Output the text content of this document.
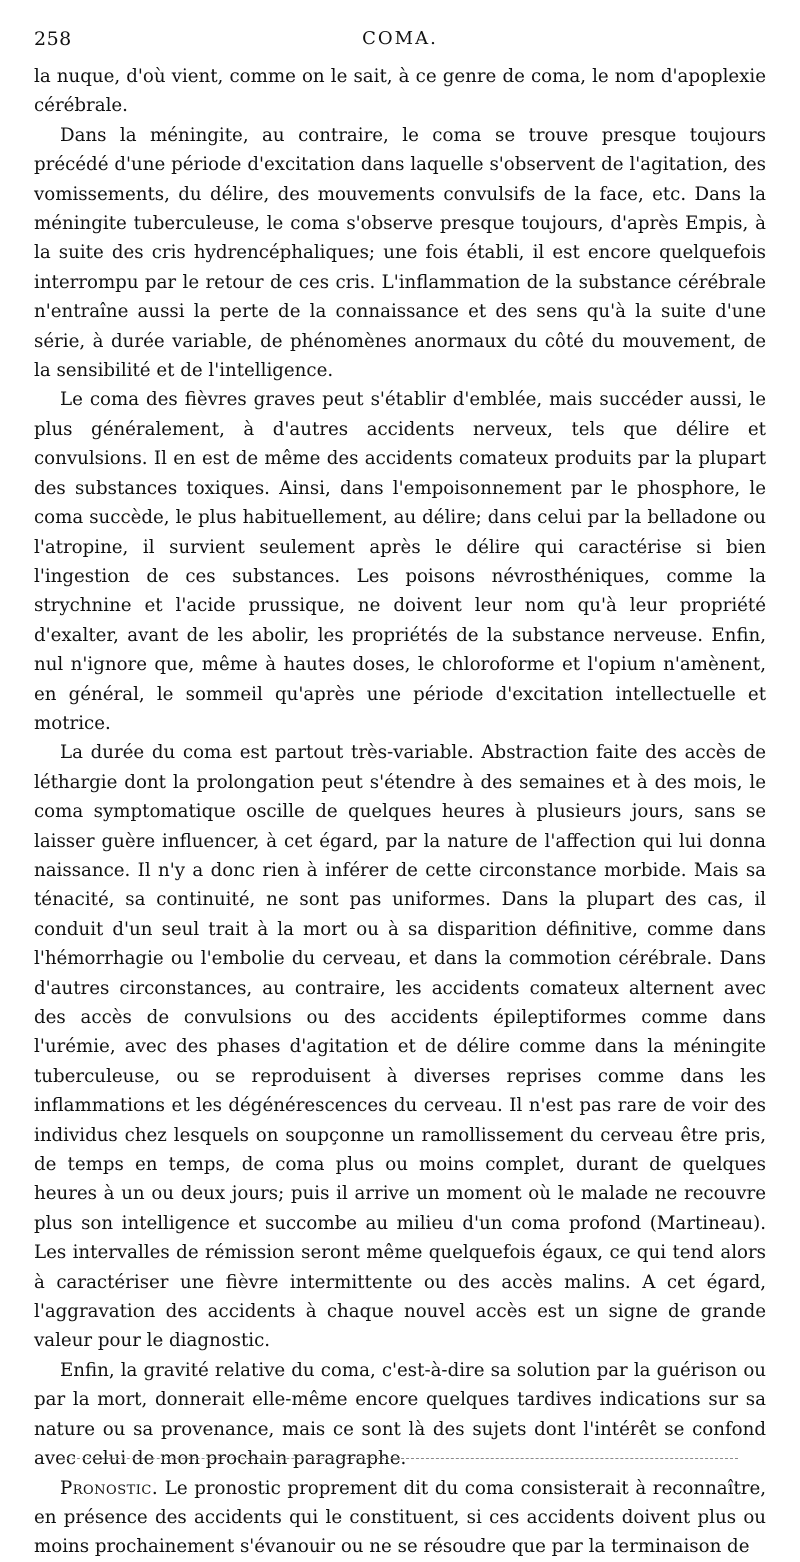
258	COMA.

la nuque, d'où vient, comme on le sait, à ce genre de coma, le nom d'apoplexie cérébrale.

Dans la méningite, au contraire, le coma se trouve presque toujours précédé d'une période d'excitation dans laquelle s'observent de l'agitation, des vomissements, du délire, des mouvements convulsifs de la face, etc. Dans la méningite tuberculeuse, le coma s'observe presque toujours, d'après Empis, à la suite des cris hydrencéphaliques; une fois établi, il est encore quelquefois interrompu par le retour de ces cris. L'inflammation de la substance cérébrale n'entraîne aussi la perte de la connaissance et des sens qu'à la suite d'une série, à durée variable, de phénomènes anormaux du côté du mouvement, de la sensibilité et de l'intelligence.

Le coma des fièvres graves peut s'établir d'emblée, mais succéder aussi, le plus généralement, à d'autres accidents nerveux, tels que délire et convulsions. Il en est de même des accidents comateux produits par la plupart des substances toxiques. Ainsi, dans l'empoisonnement par le phosphore, le coma succède, le plus habituellement, au délire; dans celui par la belladone ou l'atropine, il survient seulement après le délire qui caractérise si bien l'ingestion de ces substances. Les poisons névrosthéniques, comme la strychnine et l'acide prussique, ne doivent leur nom qu'à leur propriété d'exalter, avant de les abolir, les propriétés de la substance nerveuse. Enfin, nul n'ignore que, même à hautes doses, le chloroforme et l'opium n'amènent, en général, le sommeil qu'après une période d'excitation intellectuelle et motrice.

La durée du coma est partout très-variable. Abstraction faite des accès de léthargie dont la prolongation peut s'étendre à des semaines et à des mois, le coma symptomatique oscille de quelques heures à plusieurs jours, sans se laisser guère influencer, à cet égard, par la nature de l'affection qui lui donna naissance. Il n'y a donc rien à inférer de cette circonstance morbide. Mais sa ténacité, sa continuité, ne sont pas uniformes. Dans la plupart des cas, il conduit d'un seul trait à la mort ou à sa disparition définitive, comme dans l'hémorrhagie ou l'embolie du cerveau, et dans la commotion cérébrale. Dans d'autres circonstances, au contraire, les accidents comateux alternent avec des accès de convulsions ou des accidents épileptiformes comme dans l'urémie, avec des phases d'agitation et de délire comme dans la méningite tuberculeuse, ou se reproduisent à diverses reprises comme dans les inflammations et les dégénérescences du cerveau. Il n'est pas rare de voir des individus chez lesquels on soupçonne un ramollissement du cerveau être pris, de temps en temps, de coma plus ou moins complet, durant de quelques heures à un ou deux jours; puis il arrive un moment où le malade ne recouvre plus son intelligence et succombe au milieu d'un coma profond (Martineau). Les intervalles de rémission seront même quelquefois égaux, ce qui tend alors à caractériser une fièvre intermittente ou des accès malins. A cet égard, l'aggravation des accidents à chaque nouvel accès est un signe de grande valeur pour le diagnostic.

Enfin, la gravité relative du coma, c'est-à-dire sa solution par la guérison ou par la mort, donnerait elle-même encore quelques tardives indications sur sa nature ou sa provenance, mais ce sont là des sujets dont l'intérêt se confond avec celui de mon prochain paragraphe.

Pronostic. Le pronostic proprement dit du coma consisterait à reconnaître, en présence des accidents qui le constituent, si ces accidents doivent plus ou moins prochainement s'évanouir ou ne se résoudre que par la terminaison de
